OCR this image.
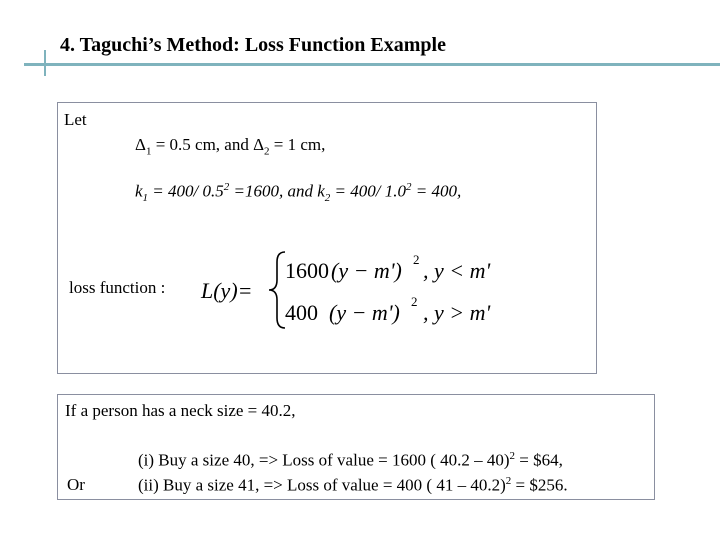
4. Taguchi’s Method: Loss Function Example
Let
$\Delta_1 = 0.5$ cm, and $\Delta_2 = 1$ cm,
$k_1 = 400/$ $0.5^2 =1600$, and $k_2 = 400/$ $1.0^2 = 400$,
loss function : L(y)=
1600 (y − m') 2 , y < m'
400 (y − m') 2 , y > m'
If a person has a neck size = 40.2,
(i) Buy a size 40, => Loss of value = 1600 ( 40.2 – 40)$^2$ = $64,
Or	(ii) Buy a size 41, => Loss of value = 400 ( 41 – 40.2)$^2$ = $256.
